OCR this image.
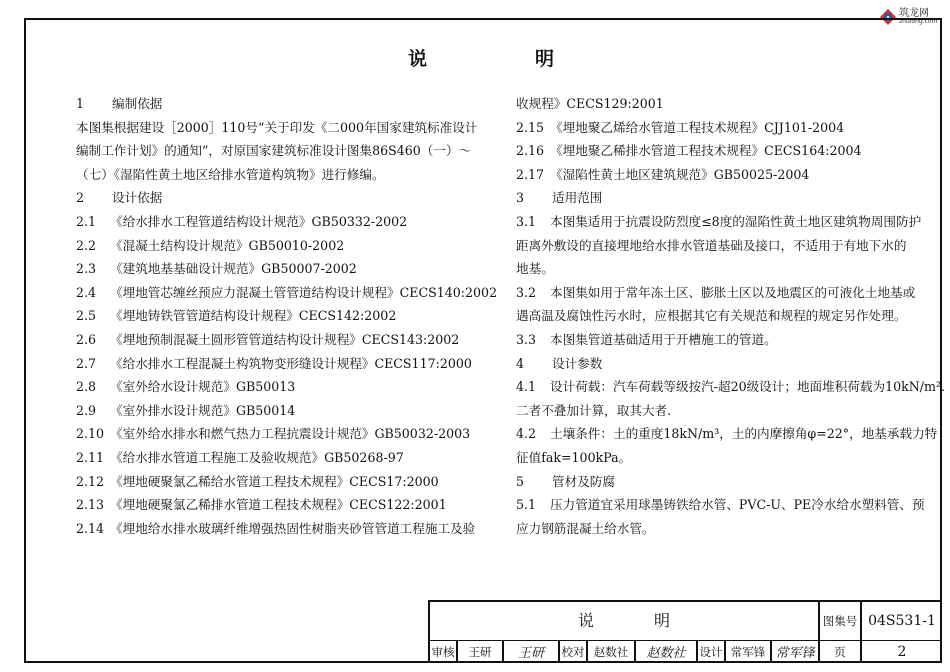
筑龙网
zhulong.com
说明
1 编制依据
本图集根据建设［2000］110号“关于印发《二000年国家建筑标准设计
编制工作计划》的通知”，对原国家建筑标准设计图集86S460（一）～
（七）《湿陷性黄土地区给排水管道构筑物》进行修编。
2 设计依据
2.1 《给水排水工程管道结构设计规范》GB50332-2002
2.2 《混凝土结构设计规范》GB50010-2002
2.3 《建筑地基基础设计规范》GB50007-2002
2.4 《埋地管芯缠丝预应力混凝土管管道结构设计规程》CECS140:2002
2.5 《埋地铸铁管管道结构设计规程》CECS142:2002
2.6 《埋地预制混凝土圆形管管道结构设计规程》CECS143:2002
2.7 《给水排水工程混凝土构筑物变形缝设计规程》CECS117:2000
2.8 《室外给水设计规范》GB50013
2.9 《室外排水设计规范》GB50014
2.10 《室外给水排水和燃气热力工程抗震设计规范》GB50032-2003
2.11 《给水排水管道工程施工及验收规范》GB50268-97
2.12 《埋地硬聚氯乙稀给水管道工程技术规程》CECS17:2000
2.13 《埋地硬聚氯乙稀排水管道工程技术规程》CECS122:2001
2.14 《埋地给水排水玻璃纤维增强热固性树脂夹砂管管道工程施工及验
收规程》CECS129:2001
2.15 《埋地聚乙烯给水管道工程技术规程》CJJ101-2004
2.16 《埋地聚乙稀排水管道工程技术规程》CECS164:2004
2.17 《湿陷性黄土地区建筑规范》GB50025-2004
3 适用范围
3.1 本图集适用于抗震设防烈度≤8度的湿陷性黄土地区建筑物周围防护
距离外敷设的直接埋地给水排水管道基础及接口，不适用于有地下水的
地基。
3.2 本图集如用于常年冻土区、膨胀土区以及地震区的可液化土地基或
遇高温及腐蚀性污水时，应根据其它有关规范和规程的规定另作处理。
3.3 本图集管道基础适用于开槽施工的管道。
4 设计参数
4.1 设计荷载：汽车荷载等级按汽-超20级设计；地面堆积荷载为10kN/m².
二者不叠加计算，取其大者.
4.2 土壤条件：土的重度18kN/m³，土的内摩擦角φ=22°，地基承载力特
征值fak=100kPa。
5 管材及防腐
5.1 压力管道宜采用球墨铸铁给水管、PVC-U、PE冷水给水塑料管、预
应力钢筋混凝土给水管。
说明	图集号 04S531-1
审核	王研	王研	校对 赵数社	赵数社	设计 常军锋 常军锋	页	2
